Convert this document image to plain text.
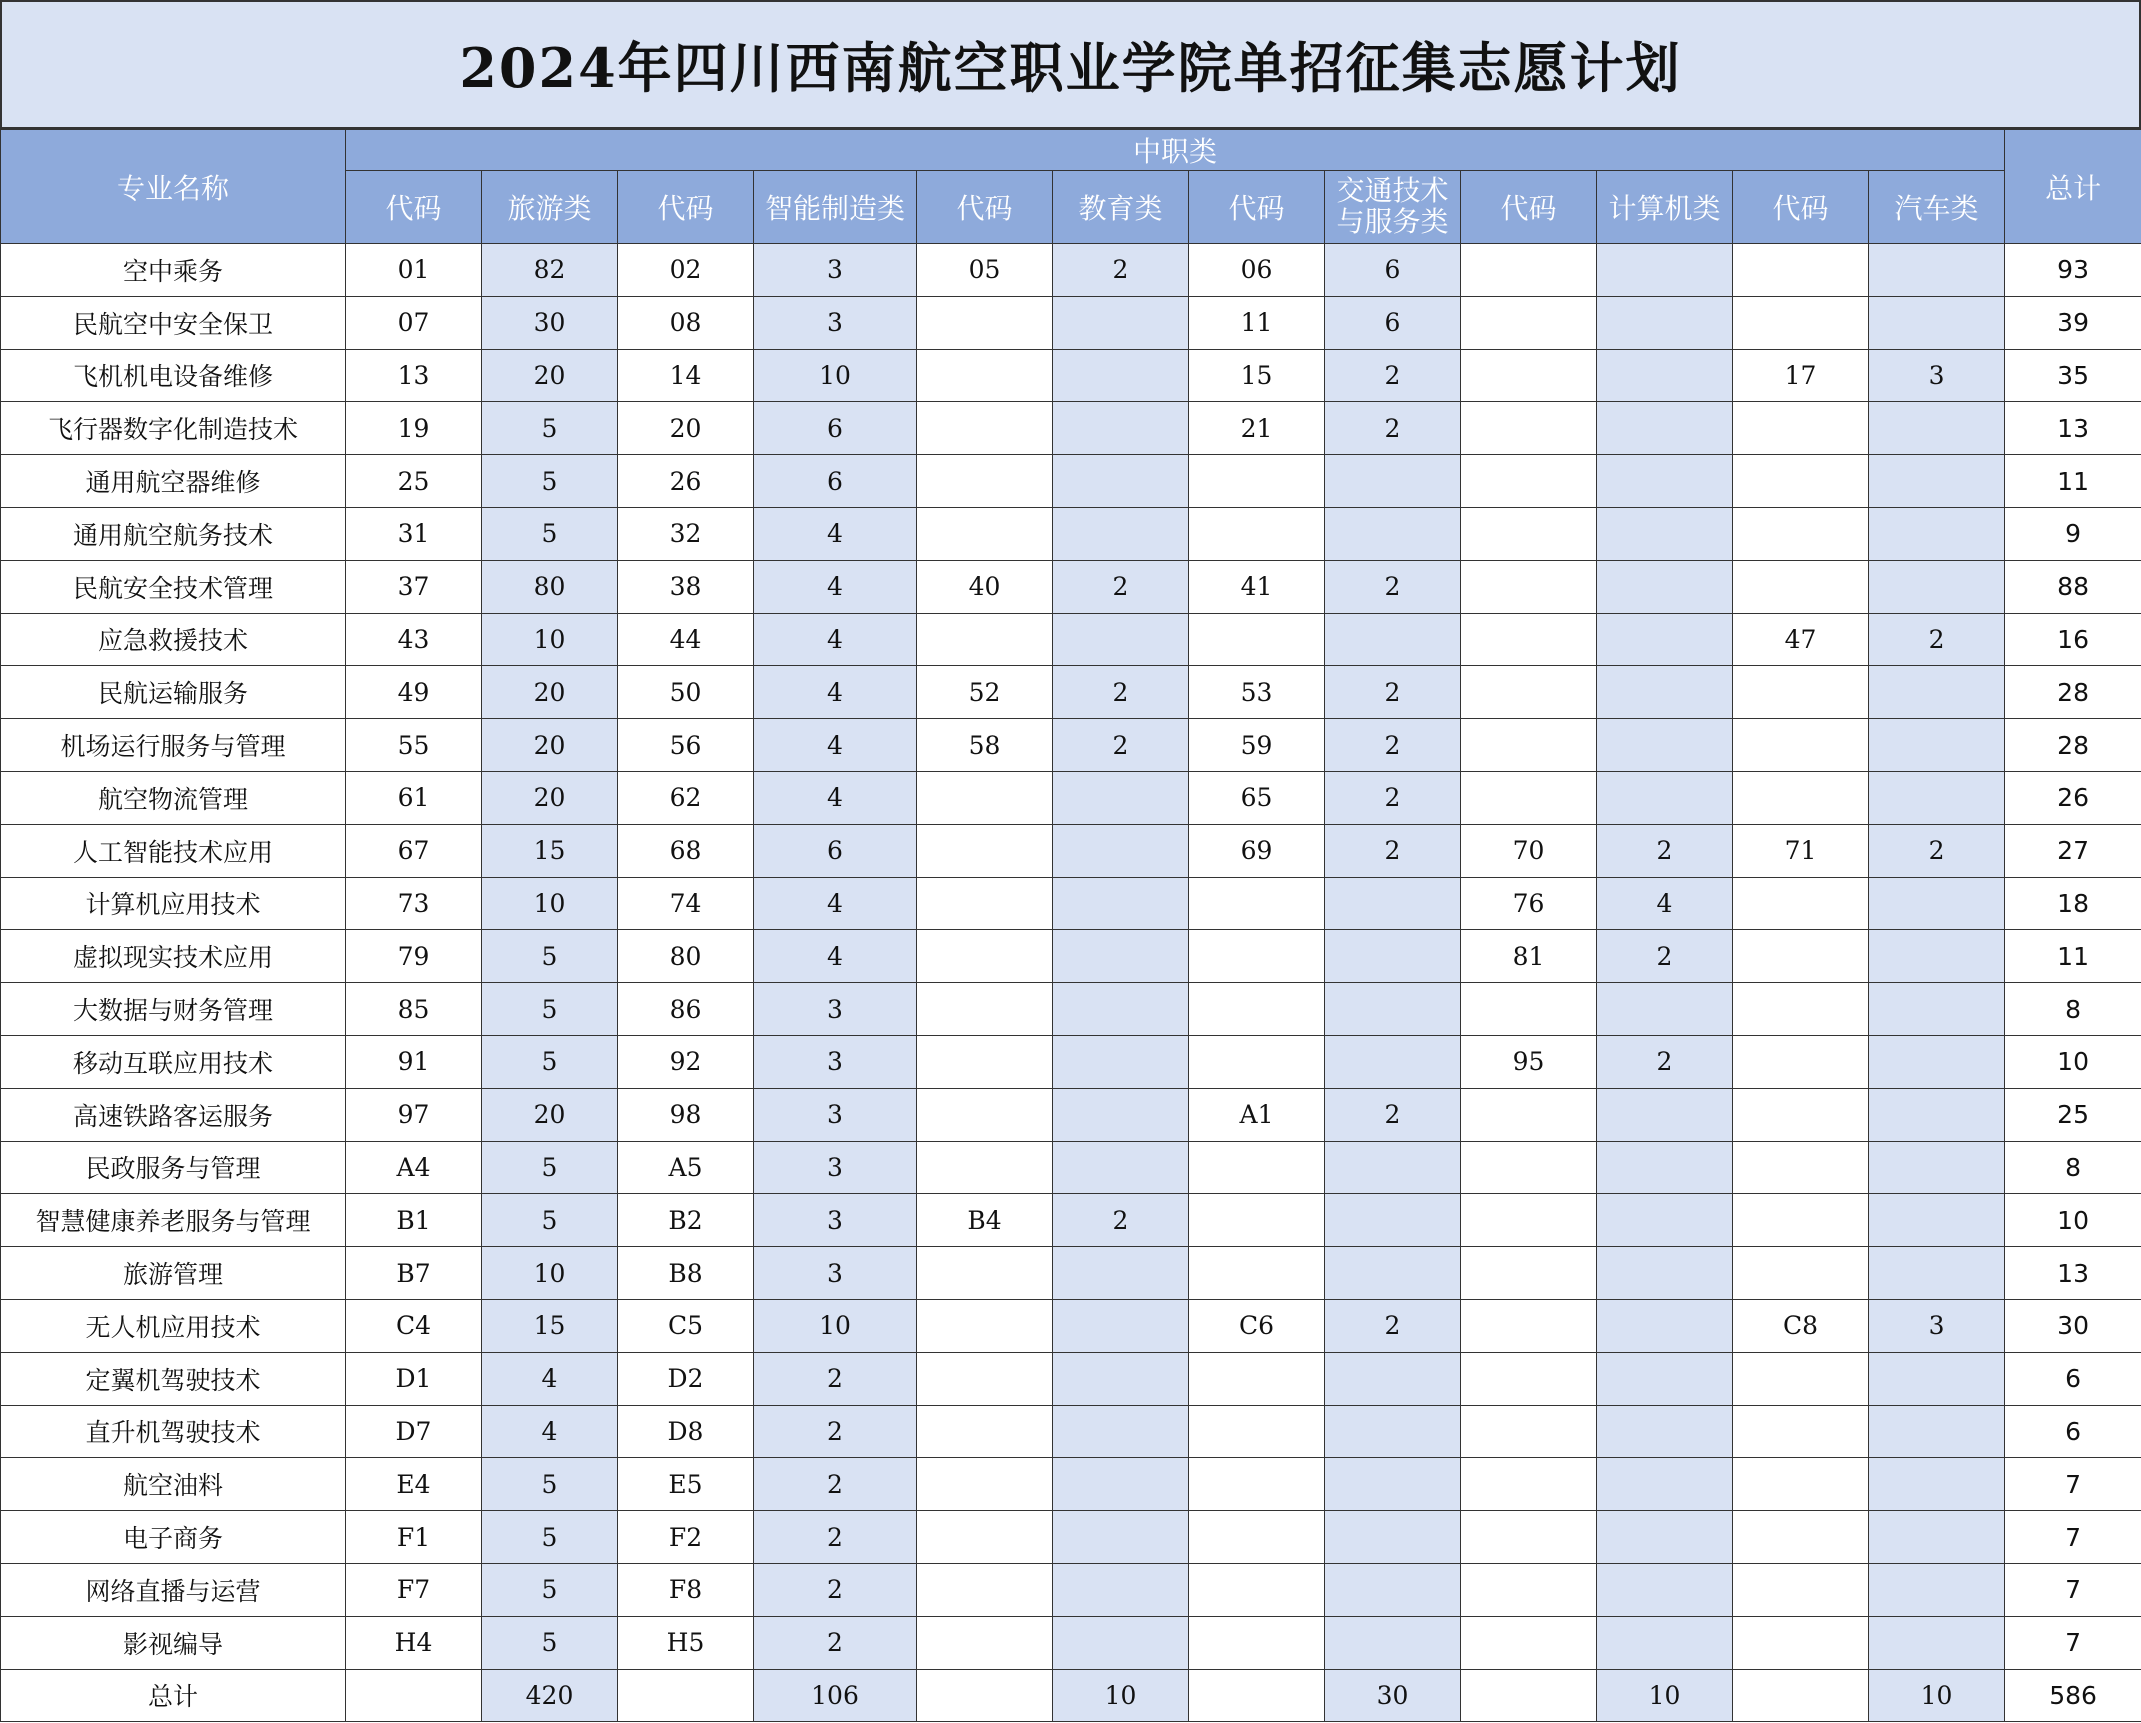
2024年四川西南航空职业学院单招征集志愿计划
专业名称	中职类												总计
	代码	旅游类	代码	智能制造类	代码	教育类	代码	交通技术与服务类	代码	计算机类	代码	汽车类	
空中乘务	01	82	02	3	05	2	06	6					93
民航空中安全保卫	07	30	08	3			11	6					39
飞机机电设备维修	13	20	14	10			15	2			17	3	35
飞行器数字化制造技术	19	5	20	6			21	2					13
通用航空器维修	25	5	26	6									11
通用航空航务技术	31	5	32	4									9
民航安全技术管理	37	80	38	4	40	2	41	2					88
应急救援技术	43	10	44	4							47	2	16
民航运输服务	49	20	50	4	52	2	53	2					28
机场运行服务与管理	55	20	56	4	58	2	59	2					28
航空物流管理	61	20	62	4			65	2					26
人工智能技术应用	67	15	68	6			69	2	70	2	71	2	27
计算机应用技术	73	10	74	4					76	4			18
虚拟现实技术应用	79	5	80	4					81	2			11
大数据与财务管理	85	5	86	3									8
移动互联应用技术	91	5	92	3					95	2			10
高速铁路客运服务	97	20	98	3			A1	2					25
民政服务与管理	A4	5	A5	3									8
智慧健康养老服务与管理	B1	5	B2	3	B4	2							10
旅游管理	B7	10	B8	3									13
无人机应用技术	C4	15	C5	10			C6	2			C8	3	30
定翼机驾驶技术	D1	4	D2	2									6
直升机驾驶技术	D7	4	D8	2									6
航空油料	E4	5	E5	2									7
电子商务	F1	5	F2	2									7
网络直播与运营	F7	5	F8	2									7
影视编导	H4	5	H5	2									7
总计		420		106		10		30		10		10	586
